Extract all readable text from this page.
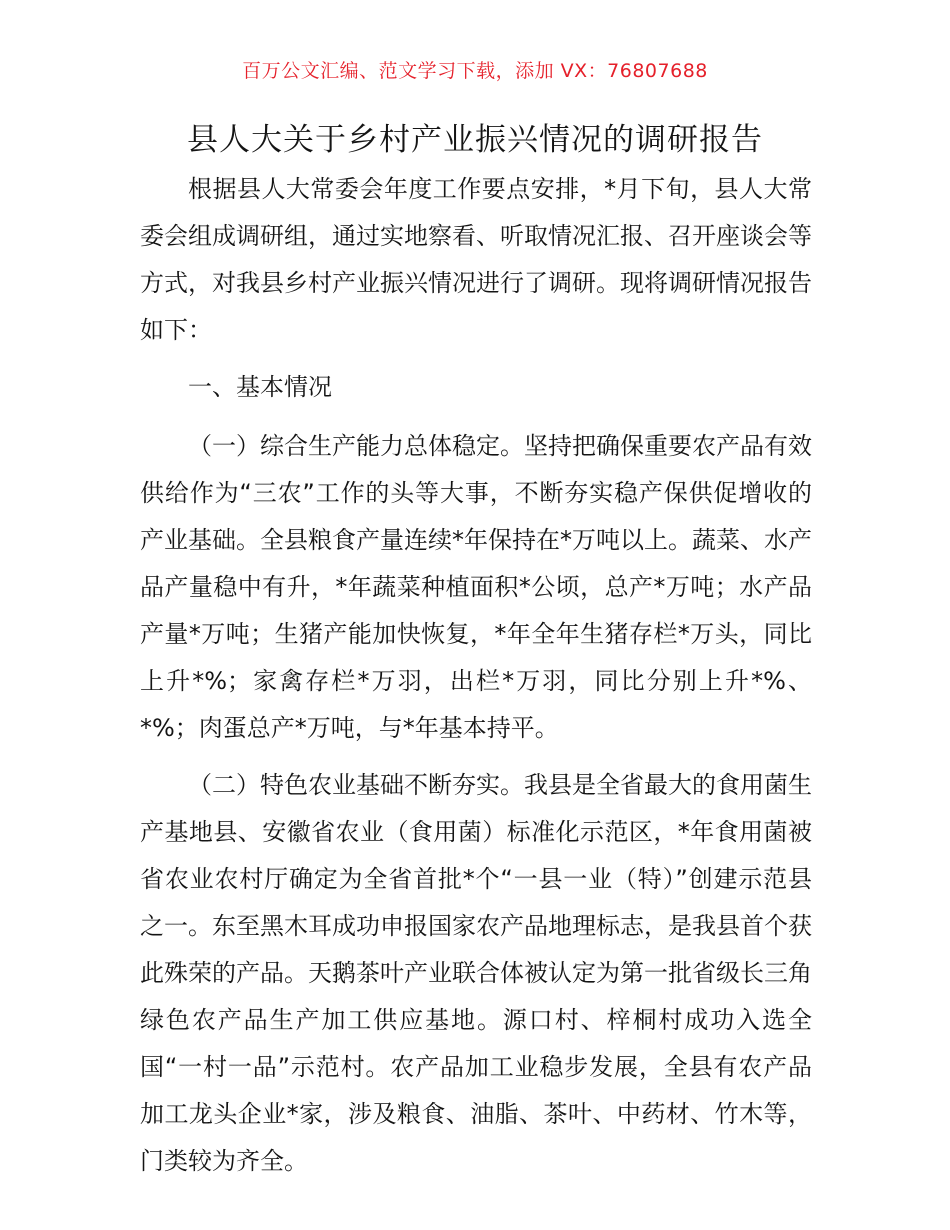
百万公文汇编、范文学习下载，添加 VX：76807688
县人大关于乡村产业振兴情况的调研报告

根据县人大常委会年度工作要点安排，*月下旬，县人大常委会组成调研组，通过实地察看、听取情况汇报、召开座谈会等方式，对我县乡村产业振兴情况进行了调研。现将调研情况报告如下：

一、基本情况

（一）综合生产能力总体稳定。坚持把确保重要农产品有效供给作为“三农”工作的头等大事，不断夯实稳产保供促增收的产业基础。全县粮食产量连续*年保持在*万吨以上。蔬菜、水产品产量稳中有升，*年蔬菜种植面积*公顷，总产*万吨；水产品产量*万吨；生猪产能加快恢复，*年全年生猪存栏*万头，同比上升*%；家禽存栏*万羽，出栏*万羽，同比分别上升*%、*%；肉蛋总产*万吨，与*年基本持平。

（二）特色农业基础不断夯实。我县是全省最大的食用菌生产基地县、安徽省农业（食用菌）标准化示范区，*年食用菌被省农业农村厅确定为全省首批*个“一县一业（特）”创建示范县之一。东至黑木耳成功申报国家农产品地理标志，是我县首个获此殊荣的产品。天鹅茶叶产业联合体被认定为第一批省级长三角绿色农产品生产加工供应基地。源口村、梓桐村成功入选全国“一村一品”示范村。农产品加工业稳步发展，全县有农产品加工龙头企业*家，涉及粮食、油脂、茶叶、中药材、竹木等，门类较为齐全。
